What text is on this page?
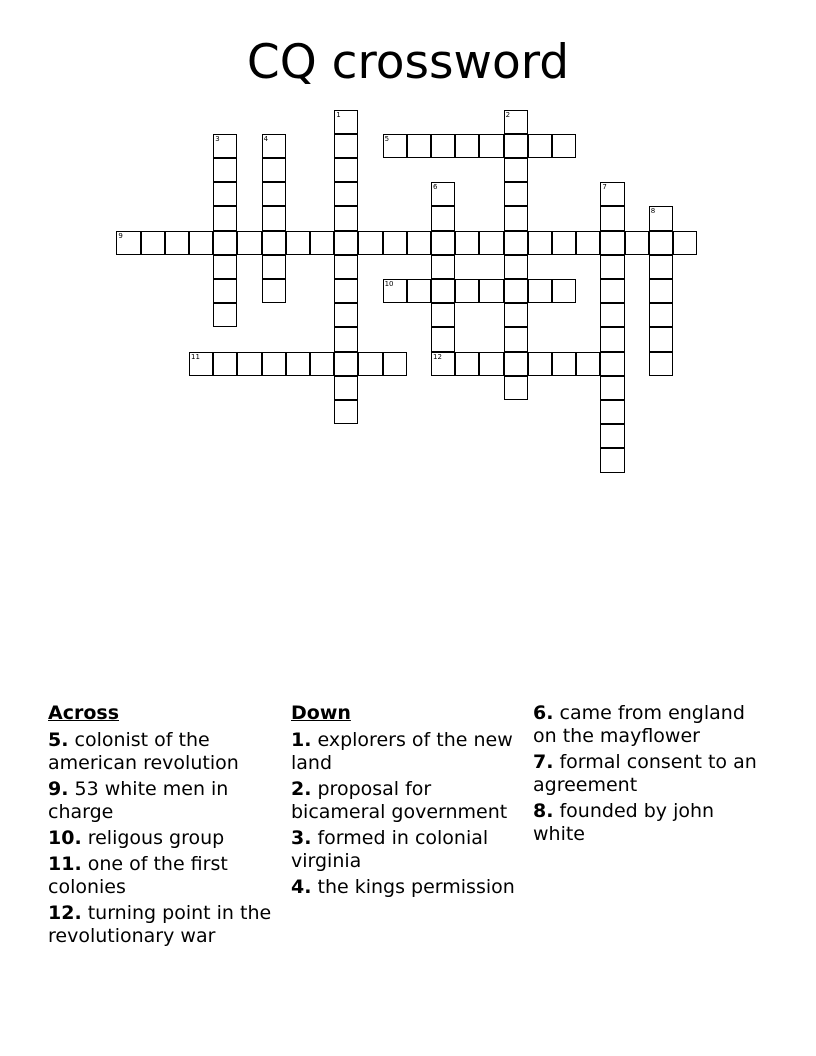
CQ crossword
1	2
3	4	5
6
12
7
8
9
10
11
Across
5. colonist of the american revolution
9. 53 white men in charge
10. religous group
11. one of the first colonies
12. turning point in the revolutionary war
Down
1. explorers of the new land
2. proposal for bicameral government
3. formed in colonial virginia
4. the kings permission
6. came from england on the mayflower
7. formal consent to an agreement
8. founded by john white
